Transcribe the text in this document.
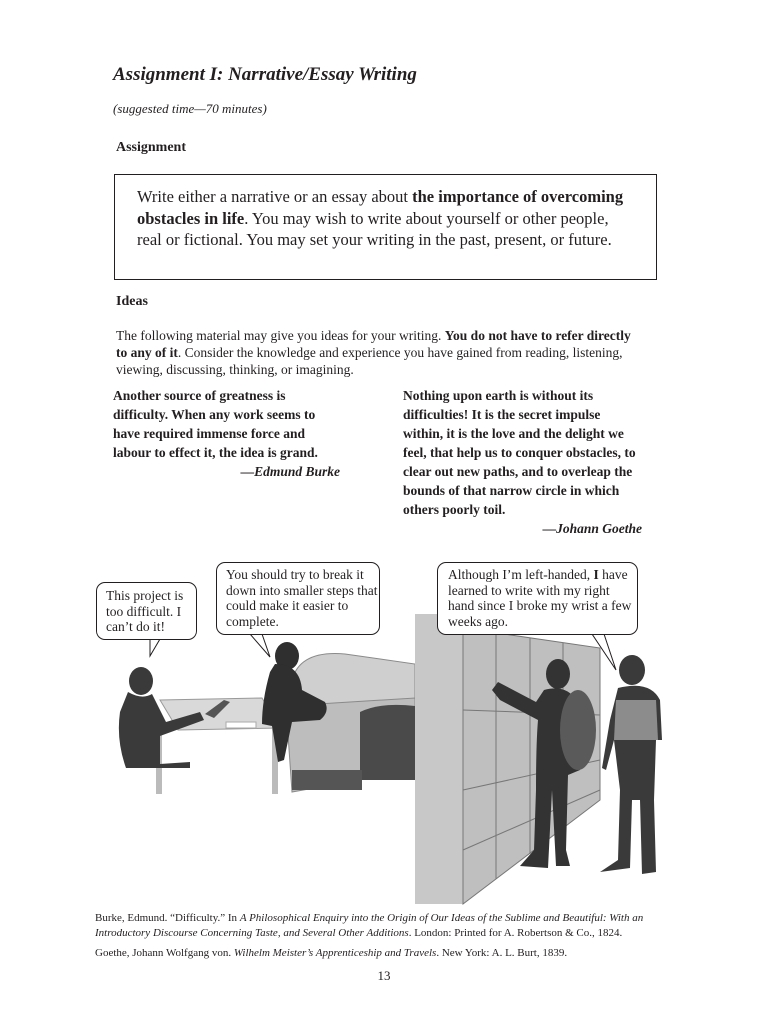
Assignment I: Narrative/Essay Writing
(suggested time—70 minutes)
Assignment
Write either a narrative or an essay about the importance of overcoming obstacles in life. You may wish to write about yourself or other people, real or fictional. You may set your writing in the past, present, or future.
Ideas
The following material may give you ideas for your writing. You do not have to refer directly to any of it. Consider the knowledge and experience you have gained from reading, listening, viewing, discussing, thinking, or imagining.
Another source of greatness is difficulty. When any work seems to have required immense force and labour to effect it, the idea is grand.
—Edmund Burke
Nothing upon earth is without its difficulties! It is the secret impulse within, it is the love and the delight we feel, that help us to conquer obstacles, to clear out new paths, and to overleap the bounds of that narrow circle in which others poorly toil.
—Johann Goethe
This project is too difficult. I can’t do it!
You should try to break it down into smaller steps that could make it easier to complete.
Although I’m left-handed, I have learned to write with my right hand since I broke my wrist a few weeks ago.

Burke, Edmund. “Difficulty.” In A Philosophical Enquiry into the Origin of Our Ideas of the Sublime and Beautiful: With an Introductory Discourse Concerning Taste, and Several Other Additions. London: Printed for A. Robertson & Co., 1824.

Goethe, Johann Wolfgang von. Wilhelm Meister’s Apprenticeship and Travels. New York: A. L. Burt, 1839.

13
